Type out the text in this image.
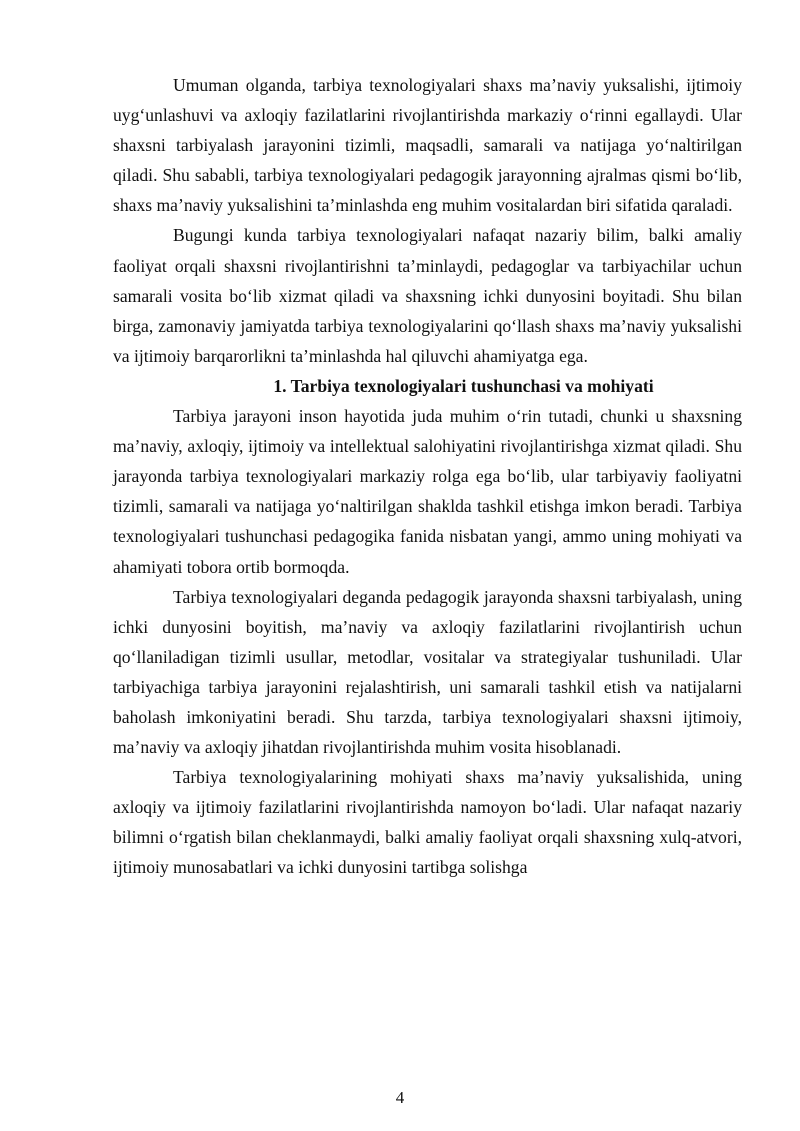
Umuman olganda, tarbiya texnologiyalari shaxs ma’naviy yuksalishi, ijtimoiy uygʻunlashuvi va axloqiy fazilatlarini rivojlantirishda markaziy oʻrinni egallaydi. Ular shaxsni tarbiyalash jarayonini tizimli, maqsadli, samarali va natijaga yoʻnaltirilgan qiladi. Shu sababli, tarbiya texnologiyalari pedagogik jarayonning ajralmas qismi boʻlib, shaxs ma’naviy yuksalishini ta’minlashda eng muhim vositalardan biri sifatida qaraladi.

Bugungi kunda tarbiya texnologiyalari nafaqat nazariy bilim, balki amaliy faoliyat orqali shaxsni rivojlantirishni ta’minlaydi, pedagoglar va tarbiyachilar uchun samarali vosita boʻlib xizmat qiladi va shaxsning ichki dunyosini boyitadi. Shu bilan birga, zamonaviy jamiyatda tarbiya texnologiyalarini qoʻllash shaxs ma’naviy yuksalishi va ijtimoiy barqarorlikni ta’minlashda hal qiluvchi ahamiyatga ega.

1. Tarbiya texnologiyalari tushunchasi va mohiyati

Tarbiya jarayoni inson hayotida juda muhim oʻrin tutadi, chunki u shaxsning ma’naviy, axloqiy, ijtimoiy va intellektual salohiyatini rivojlantirishga xizmat qiladi. Shu jarayonda tarbiya texnologiyalari markaziy rolga ega boʻlib, ular tarbiyaviy faoliyatni tizimli, samarali va natijaga yoʻnaltirilgan shaklda tashkil etishga imkon beradi. Tarbiya texnologiyalari tushunchasi pedagogika fanida nisbatan yangi, ammo uning mohiyati va ahamiyati tobora ortib bormoqda.

Tarbiya texnologiyalari deganda pedagogik jarayonda shaxsni tarbiyalash, uning ichki dunyosini boyitish, ma’naviy va axloqiy fazilatlarini rivojlantirish uchun qoʻllaniladigan tizimli usullar, metodlar, vositalar va strategiyalar tushuniladi. Ular tarbiyachiga tarbiya jarayonini rejalashtirish, uni samarali tashkil etish va natijalarni baholash imkoniyatini beradi. Shu tarzda, tarbiya texnologiyalari shaxsni ijtimoiy, ma’naviy va axloqiy jihatdan rivojlantirishda muhim vosita hisoblanadi.

Tarbiya texnologiyalarining mohiyati shaxs ma’naviy yuksalishida, uning axloqiy va ijtimoiy fazilatlarini rivojlantirishda namoyon boʻladi. Ular nafaqat nazariy bilimni oʻrgatish bilan cheklanmaydi, balki amaliy faoliyat orqali shaxsning xulq-atvori, ijtimoiy munosabatlari va ichki dunyosini tartibga solishga

4
